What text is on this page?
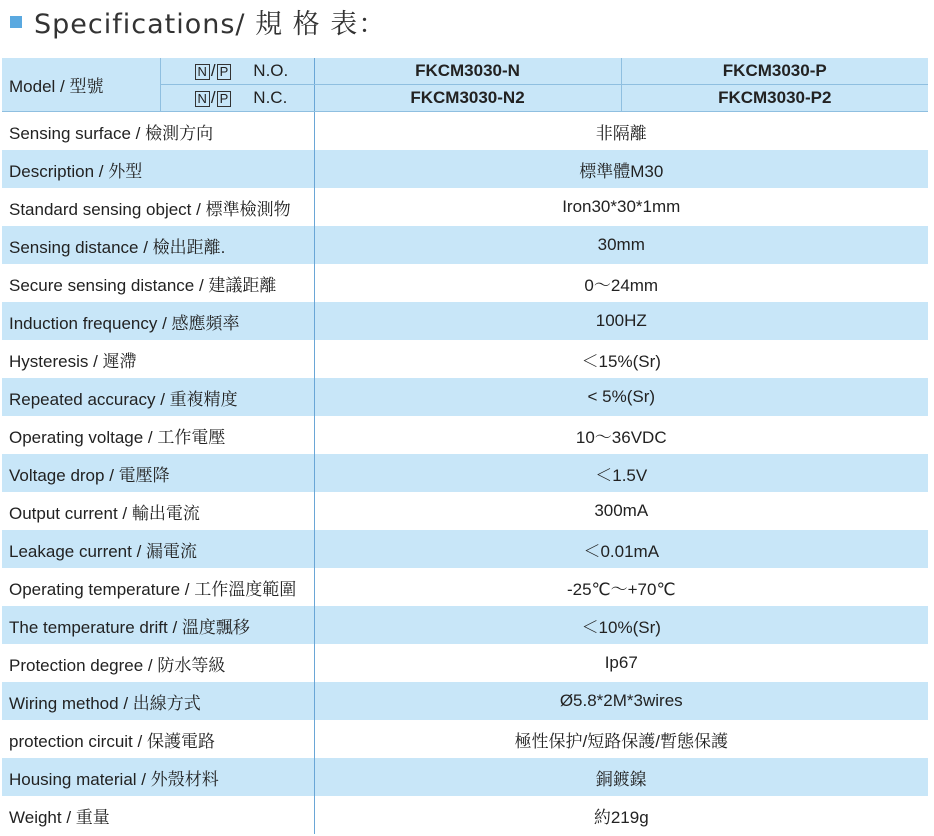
Specifications/ 規 格 表：
Model / 型號	N / P N.O.	FKCM3030-N	FKCM3030-P
	N / P N.C.	FKCM3030-N2	FKCM3030-P2
Sensing surface / 檢測方向		非隔離	
Description / 外型		標準體M30	
Standard sensing object / 標準檢測物		Iron30*30*1mm	
Sensing distance / 檢出距離.		30mm	
Secure sensing distance / 建議距離		0～24mm	
Induction frequency / 感應頻率		100HZ	
Hysteresis / 遲滯		＜15%(Sr)	
Repeated accuracy / 重複精度		< 5%(Sr)	
Operating voltage / 工作電壓		10～36VDC	
Voltage drop / 電壓降		＜1.5V	
Output current / 輸出電流		300mA	
Leakage current / 漏電流		＜0.01mA	
Operating temperature / 工作溫度範圍		-25℃～+70℃	
The temperature drift / 溫度飄移		＜10%(Sr)	
Protection degree / 防水等級		Ip67	
Wiring method / 出線方式		Ø5.8*2M*3wires	
protection circuit / 保護電路		極性保护/短路保護/暫態保護	
Housing material / 外殼材料		銅鍍鎳	
Weight / 重量		約219g	
